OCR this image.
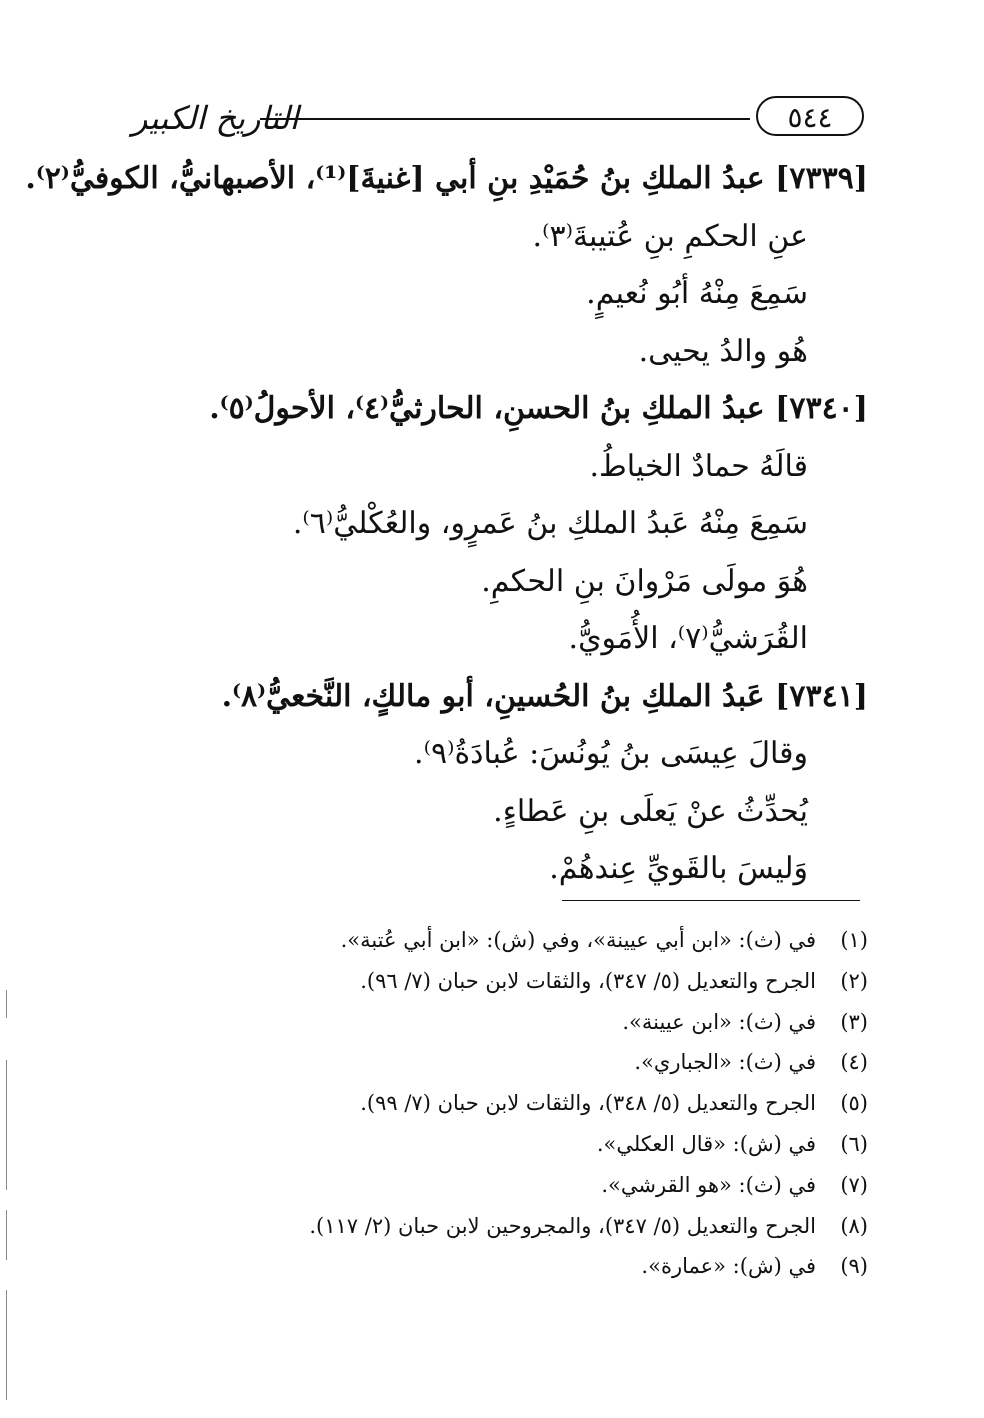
التاريخ الكبير	٥٤٤
[٧٣٣٩] عبدُ الملكِ بنُ حُمَيْدِ بنِ أبي [غنيةَ]⁽¹⁾، الأصبهانيُّ، الكوفيُّ⁽٢⁾.
عنِ الحكمِ بنِ عُتيبةَ⁽٣⁾.
سَمِعَ مِنْهُ أبُو نُعيمٍ.
هُو والدُ يحيى.
[٧٣٤٠] عبدُ الملكِ بنُ الحسنِ، الحارثيُّ⁽٤⁾، الأحولُ⁽٥⁾.
قالَهُ حمادٌ الخياطُ.
سَمِعَ مِنْهُ عَبدُ الملكِ بنُ عَمرٍو، والعُكْليُّ⁽٦⁾.
هُوَ مولَى مَرْوانَ بنِ الحكمِ.
القُرَشيُّ⁽٧⁾، الأُمَويُّ.
[٧٣٤١] عَبدُ الملكِ بنُ الحُسينِ، أبو مالكٍ، النَّخعيُّ⁽٨⁾.
وقالَ عِيسَى بنُ يُونُسَ: عُبادَةُ⁽٩⁾.
يُحدِّثُ عنْ يَعلَى بنِ عَطاءٍ.
وَليسَ بالقَويِّ عِندهُمْ.
(١)في (ث): «ابن أبي عيينة»، وفي (ش): «ابن أبي عُتبة».
(٢)الجرح والتعديل (٥/ ٣٤٧)، والثقات لابن حبان (٧/ ٩٦).
(٣)في (ث): «ابن عيينة».
(٤)في (ث): «الجباري».
(٥)الجرح والتعديل (٥/ ٣٤٨)، والثقات لابن حبان (٧/ ٩٩).
(٦)في (ش): «قال العكلي».
(٧)في (ث): «هو القرشي».
(٨)الجرح والتعديل (٥/ ٣٤٧)، والمجروحين لابن حبان (٢/ ١١٧).
(٩)في (ش): «عمارة».
